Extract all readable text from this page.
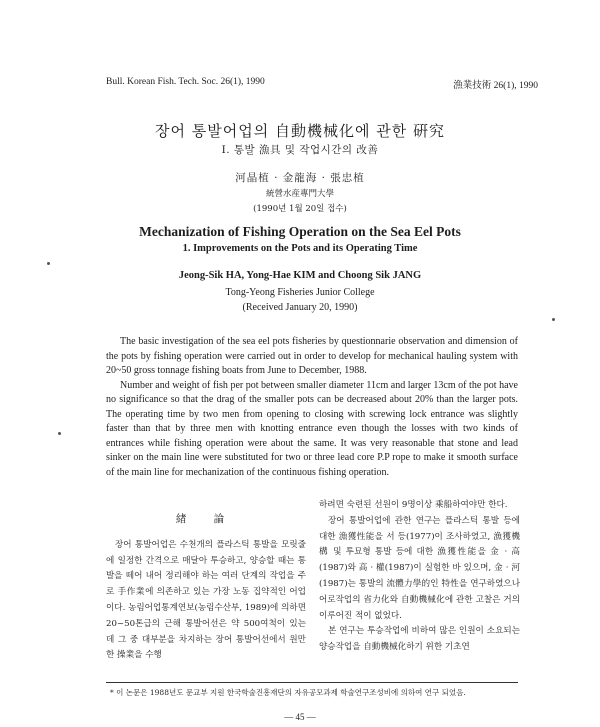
Bull. Korean Fish. Tech. Soc. 26(1), 1990	漁業技術 26(1), 1990
장어 통발어업의 自動機械化에 관한 硏究
I. 통발 漁具 및 작업시간의 改善
河晶植 · 金龍海 · 張忠植
統營水産專門大學
(1990년 1월 20일 접수)
Mechanization of Fishing Operation on the Sea Eel Pots
1. Improvements on the Pots and its Operating Time
Jeong-Sik HA, Yong-Hae KIM and Choong Sik JANG
Tong-Yeong Fisheries Junior College
(Received January 20, 1990)

The basic investigation of the sea eel pots fisheries by questionnarie observation and dimension of the pots by fishing operation were carried out in order to develop for mechanical hauling system with 20~50 gross tonnage fishing boats from June to December, 1988.

Number and weight of fish per pot between smaller diameter 11cm and larger 13cm of the pot have no significance so that the drag of the smaller pots can be decreased about 20% than the larger pots. The operating time by two men from opening to closing with screwing lock entrance was slightly faster than that by three men with knotting entrance even though the losses with two kinds of entrances while fishing operation were about the same. It was very reasonable that stone and lead sinker on the main line were substituted for two or three lead core P.P rope to make it smooth surface of the main line for mechanization of the continuous fishing operation.

緖 論

장어 통발어업은 수천개의 플라스틱 통발을 모릿줄에 일정한 간격으로 매달아 투승하고, 양승할 때는 통발을 떼어 내어 정리해야 하는 여러 단계의 작업을 주로 手作業에 의존하고 있는 가장 노동 집약적인 어업이다. 농림어업통계연보(농림수산부, 1989)에 의하면 20~50톤급의 근해 통발어선은 약 500여척이 있는데 그 중 대부분을 차지하는 장어 통발어선에서 원만한 操業을 수행

하려면 숙련된 선원이 9명이상 乘船하여야만 한다.

장어 통발어업에 관한 연구는 플라스틱 통발 등에 대한 漁獲性能을 서 등(1977)이 조사하였고, 漁獲機構 및 투묘형 통발 등에 대한 漁獲性能을 金 · 高(1987)와 高 · 權(1987)이 실험한 바 있으며, 金 · 河(1987)는 통발의 流體力學的인 特性을 연구하였으나 어로작업의 省力化와 自動機械化에 관한 고찰은 거의 이루어진 적이 없었다.

본 연구는 투승작업에 비하여 많은 인원이 소요되는 양승작업을 自動機械化하기 위한 기초연

* 이 논문은 1988년도 문교부 지원 한국학술진흥재단의 자유공모과제 학술연구조성비에 의하여 연구 되었음.
— 45 —
